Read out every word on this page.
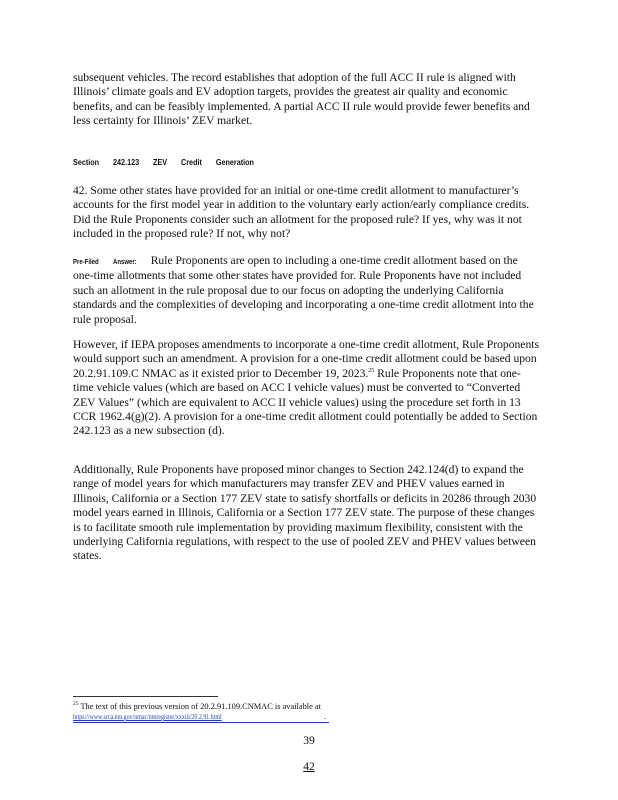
subsequent vehicles. The record establishes that adoption of the full ACC II rule is aligned with Illinois’ climate goals and EV adoption targets, provides the greatest air quality and economic benefits, and can be feasibly implemented. A partial ACC II rule would provide fewer benefits and less certainty for Illinois’ ZEV market.

Section 242.123 ZEV Credit Generation

42. Some other states have provided for an initial or one-time credit allotment to manufacturer’s accounts for the first model year in addition to the voluntary early action/early compliance credits. Did the Rule Proponents consider such an allotment for the proposed rule? If yes, why was it not included in the proposed rule? If not, why not?

Pre-Filed Answer: Rule Proponents are open to including a one-time credit allotment based on the one-time allotments that some other states have provided for. Rule Proponents have not included such an allotment in the rule proposal due to our focus on adopting the underlying California standards and the complexities of developing and incorporating a one-time credit allotment into the rule proposal.

However, if IEPA proposes amendments to incorporate a one-time credit allotment, Rule Proponents would support such an amendment. A provision for a one-time credit allotment could be based upon 20.2.91.109.C NMAC as it existed prior to December 19, 2023.25 Rule Proponents note that one-time vehicle values (which are based on ACC I vehicle values) must be converted to “Converted ZEV Values” (which are equivalent to ACC II vehicle values) using the procedure set forth in 13 CCR 1962.4(g)(2). A provision for a one-time credit allotment could potentially be added to Section 242.123 as a new subsection (d).

Additionally, Rule Proponents have proposed minor changes to Section 242.124(d) to expand the range of model years for which manufacturers may transfer ZEV and PHEV values earned in Illinois, California or a Section 177 ZEV state to satisfy shortfalls or deficits in 20286 through 2030 model years earned in Illinois, California or a Section 177 ZEV state. The purpose of these changes is to facilitate smooth rule implementation by providing maximum flexibility, consistent with the underlying California regulations, with respect to the use of pooled ZEV and PHEV values between states.

$^{25}$ The text of this previous version of 20.2.91.109.CNMAC is available at
https://www.srca.nm.gov/nmac/nmregister/xxxiii/20.2.91.html	.
39
42
